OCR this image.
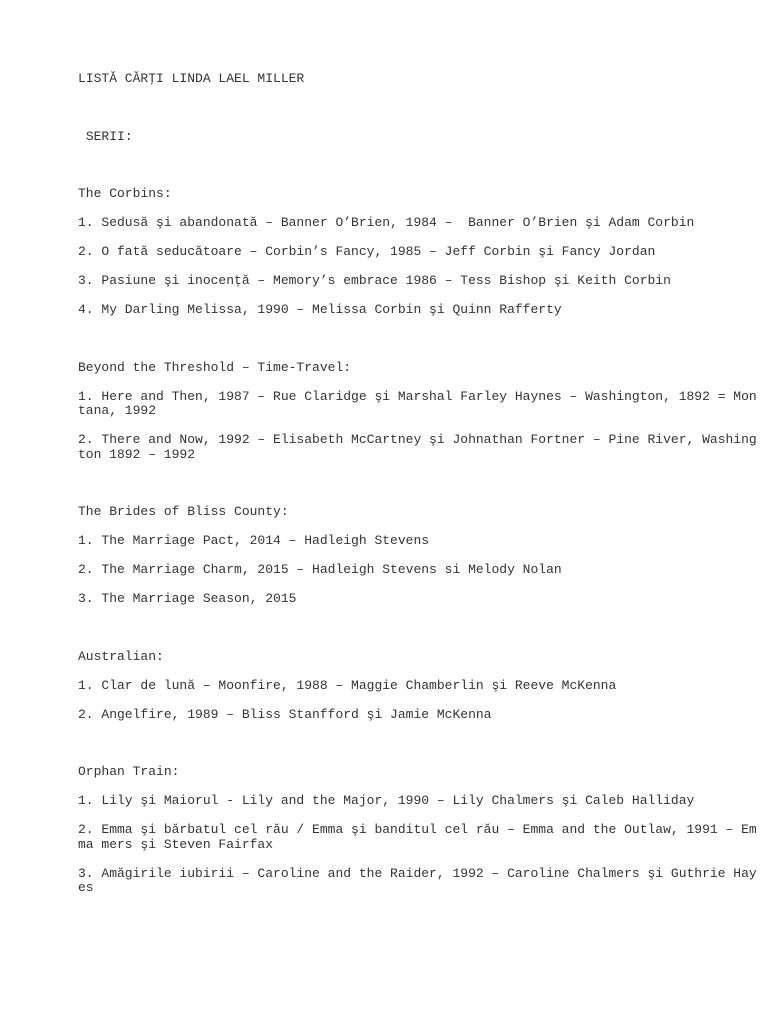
LISTĂ CĂRŢI LINDA LAEL MILLER
SERII:
The Corbins:
1. Sedusă şi abandonată – Banner O’Brien, 1984 –  Banner O’Brien şi Adam Corbin
2. O fată seducătoare – Corbin’s Fancy, 1985 – Jeff Corbin şi Fancy Jordan
3. Pasiune şi inocență – Memory’s embrace 1986 – Tess Bishop şi Keith Corbin
4. My Darling Melissa, 1990 – Melissa Corbin şi Quinn Rafferty
Beyond the Threshold – Time-Travel:
1. Here and Then, 1987 – Rue Claridge şi Marshal Farley Haynes – Washington, 1892 = Montana, 1992
2. There and Now, 1992 – Elisabeth McCartney şi Johnathan Fortner – Pine River, Washington 1892 – 1992
The Brides of Bliss County:
1. The Marriage Pact, 2014 – Hadleigh Stevens
2. The Marriage Charm, 2015 – Hadleigh Stevens si Melody Nolan
3. The Marriage Season, 2015
Australian:
1. Clar de lună – Moonfire, 1988 – Maggie Chamberlin şi Reeve McKenna
2. Angelfire, 1989 – Bliss Stanfford şi Jamie McKenna
Orphan Train:
1. Lily şi Maiorul - Lily and the Major, 1990 – Lily Chalmers şi Caleb Halliday
2. Emma şi bărbatul cel rău / Emma şi banditul cel rău – Emma and the Outlaw, 1991 – Emma mers şi Steven Fairfax
3. Amăgirile iubirii – Caroline and the Raider, 1992 – Caroline Chalmers şi Guthrie Hayes
